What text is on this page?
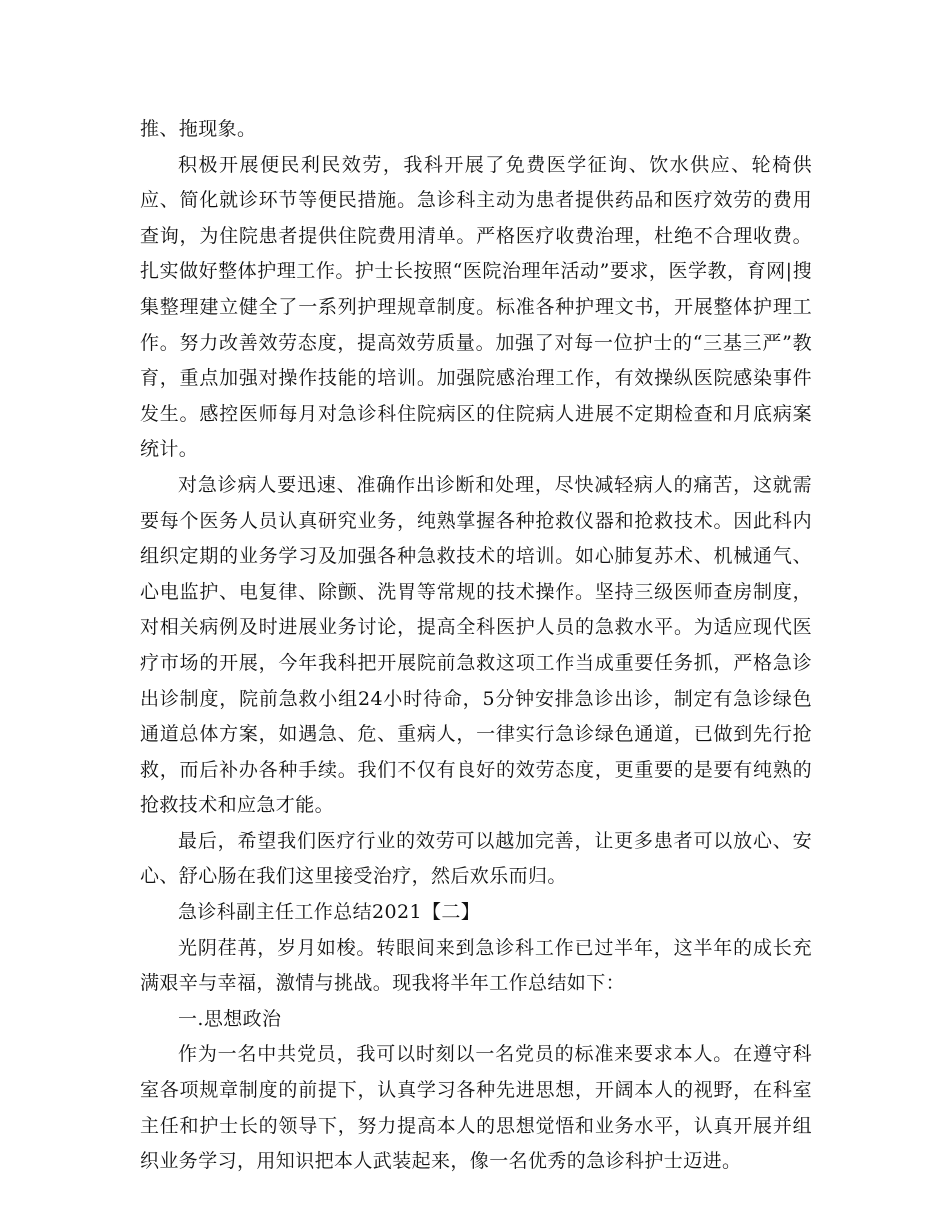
推、拖现象。

积极开展便民利民效劳，我科开展了免费医学征询、饮水供应、轮椅供应、简化就诊环节等便民措施。急诊科主动为患者提供药品和医疗效劳的费用查询，为住院患者提供住院费用清单。严格医疗收费治理，杜绝不合理收费。扎实做好整体护理工作。护士长按照“医院治理年活动”要求，医学教，育网|搜集整理建立健全了一系列护理规章制度。标准各种护理文书，开展整体护理工作。努力改善效劳态度，提高效劳质量。加强了对每一位护士的“三基三严”教育，重点加强对操作技能的培训。加强院感治理工作，有效操纵医院感染事件发生。感控医师每月对急诊科住院病区的住院病人进展不定期检查和月底病案统计。

对急诊病人要迅速、准确作出诊断和处理，尽快减轻病人的痛苦，这就需要每个医务人员认真研究业务，纯熟掌握各种抢救仪器和抢救技术。因此科内组织定期的业务学习及加强各种急救技术的培训。如心肺复苏术、机械通气、心电监护、电复律、除颤、洗胃等常规的技术操作。坚持三级医师查房制度，对相关病例及时进展业务讨论，提高全科医护人员的急救水平。为适应现代医疗市场的开展，今年我科把开展院前急救这项工作当成重要任务抓，严格急诊出诊制度，院前急救小组24小时待命，5分钟安排急诊出诊，制定有急诊绿色通道总体方案，如遇急、危、重病人，一律实行急诊绿色通道，已做到先行抢救，而后补办各种手续。我们不仅有良好的效劳态度，更重要的是要有纯熟的抢救技术和应急才能。

最后，希望我们医疗行业的效劳可以越加完善，让更多患者可以放心、安心、舒心肠在我们这里接受治疗，然后欢乐而归。

急诊科副主任工作总结2021【二】

光阴荏苒，岁月如梭。转眼间来到急诊科工作已过半年，这半年的成长充满艰辛与幸福，激情与挑战。现我将半年工作总结如下：

一.思想政治

作为一名中共党员，我可以时刻以一名党员的标准来要求本人。在遵守科室各项规章制度的前提下，认真学习各种先进思想，开阔本人的视野，在科室主任和护士长的领导下，努力提高本人的思想觉悟和业务水平，认真开展并组织业务学习，用知识把本人武装起来，像一名优秀的急诊科护士迈进。
